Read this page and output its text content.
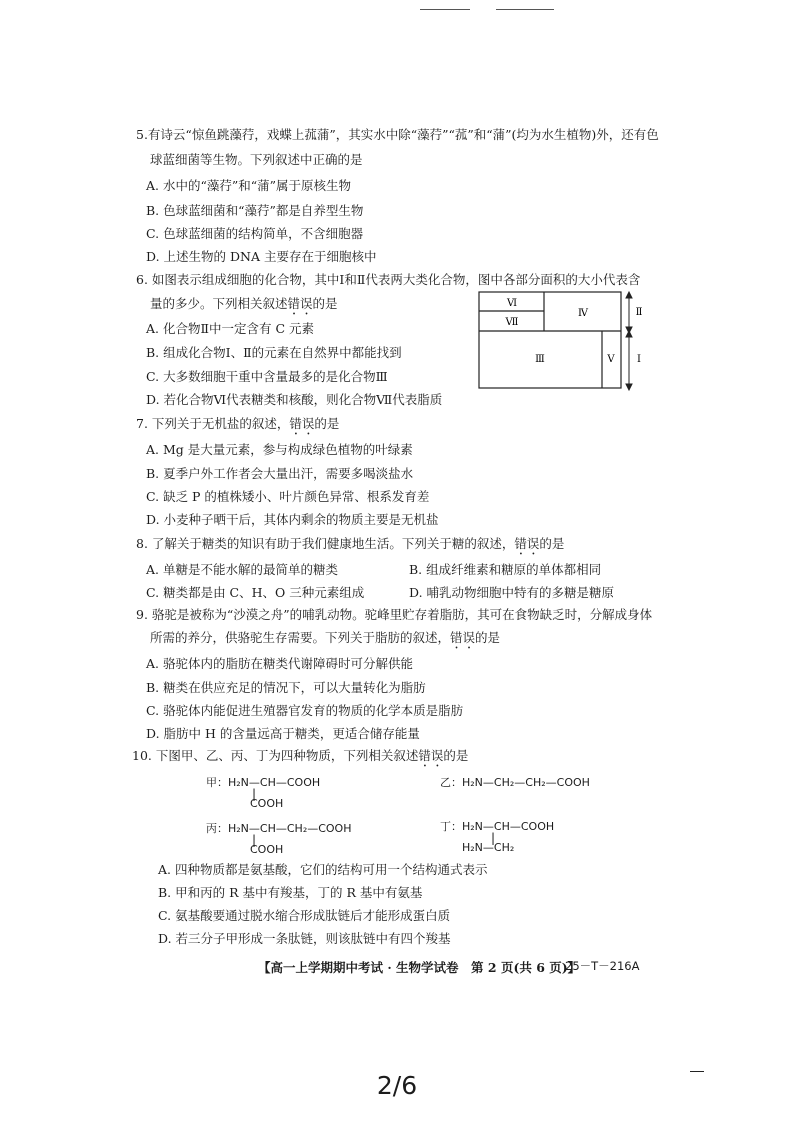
5.有诗云“惊鱼跳藻荇，戏蝶上菰蒲”，其实水中除“藻荇”“菰”和“蒲”(均为水生植物)外，还有色
球蓝细菌等生物。下列叙述中正确的是
A. 水中的“藻荇”和“蒲”属于原核生物
B. 色球蓝细菌和“藻荇”都是自养型生物
C. 色球蓝细菌的结构简单，不含细胞器
D. 上述生物的 DNA 主要存在于细胞核中
6. 如图表示组成细胞的化合物，其中Ⅰ和Ⅱ代表两大类化合物，图中各部分面积的大小代表含
量的多少。下列相关叙述错误的是
A. 化合物Ⅱ中一定含有 C 元素
B. 组成化合物Ⅰ、Ⅱ的元素在自然界中都能找到
C. 大多数细胞干重中含量最多的是化合物Ⅲ
D. 若化合物Ⅵ代表糖类和核酸，则化合物Ⅶ代表脂质
Ⅵ
Ⅶ
Ⅳ
Ⅲ	Ⅴ
Ⅱ
Ⅰ
7. 下列关于无机盐的叙述，错误的是
A. Mg 是大量元素，参与构成绿色植物的叶绿素
B. 夏季户外工作者会大量出汗，需要多喝淡盐水
C. 缺乏 P 的植株矮小、叶片颜色异常、根系发育差
D. 小麦种子晒干后，其体内剩余的物质主要是无机盐
8. 了解关于糖类的知识有助于我们健康地生活。下列关于糖的叙述，错误的是
A. 单糖是不能水解的最简单的糖类	B. 组成纤维素和糖原的单体都相同
C. 糖类都是由 C、H、O 三种元素组成	D. 哺乳动物细胞中特有的多糖是糖原
9. 骆驼是被称为“沙漠之舟”的哺乳动物。驼峰里贮存着脂肪，其可在食物缺乏时，分解成身体
所需的养分，供骆驼生存需要。下列关于脂肪的叙述，错误的是
A. 骆驼体内的脂肪在糖类代谢障碍时可分解供能
B. 糖类在供应充足的情况下，可以大量转化为脂肪
C. 骆驼体内能促进生殖器官发育的物质的化学本质是脂肪
D. 脂肪中 H 的含量远高于糖类，更适合储存能量
10. 下图甲、乙、丙、丁为四种物质，下列相关叙述错误的是
甲：H₂N—CH—COOH
|
COOH
乙：H₂N—CH₂—CH₂—COOH
丙：H₂N—CH—CH₂—COOH
|
COOH
丁：H₂N—CH—COOH
|
H₂N—CH₂
A. 四种物质都是氨基酸，它们的结构可用一个结构通式表示
B. 甲和丙的 R 基中有羧基，丁的 R 基中有氨基
C. 氨基酸要通过脱水缩合形成肽链后才能形成蛋白质
D. 若三分子甲形成一条肽链，则该肽链中有四个羧基
【高一上学期期中考试 · 生物学试卷　第 2 页(共 6 页)】
25－T－216A
2/6
